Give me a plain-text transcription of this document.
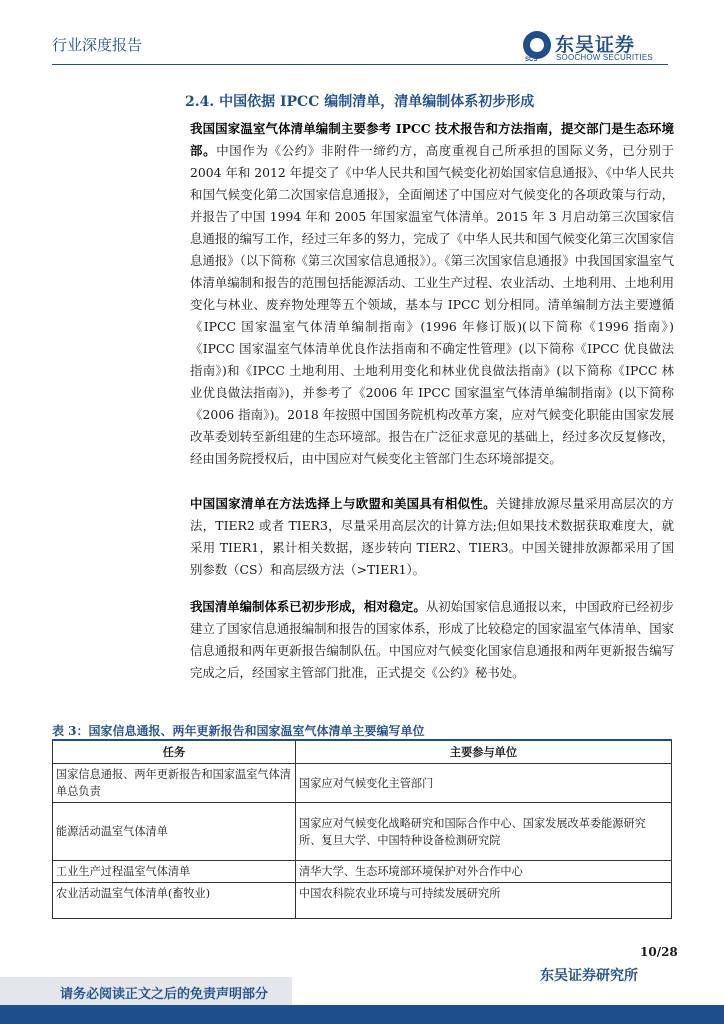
行业深度报告
SCS
东吴证券
SOOCHOW SECURITIES
2.4. 中国依据 IPCC 编制清单，清单编制体系初步形成

我国国家温室气体清单编制主要参考 IPCC 技术报告和方法指南，提交部门是生态环境部。中国作为《公约》非附件一缔约方，高度重视自己所承担的国际义务，已分别于 2004 年和 2012 年提交了《中华人民共和国气候变化初始国家信息通报》、《中华人民共和国气候变化第二次国家信息通报》，全面阐述了中国应对气候变化的各项政策与行动，并报告了中国 1994 年和 2005 年国家温室气体清单。2015 年 3 月启动第三次国家信息通报的编写工作，经过三年多的努力，完成了《中华人民共和国气候变化第三次国家信息通报》（以下简称《第三次国家信息通报》）。《第三次国家信息通报》中我国国家温室气体清单编制和报告的范围包括能源活动、工业生产过程、农业活动、土地利用、土地利用变化与林业、废弃物处理等五个领域，基本与 IPCC 划分相同。清单编制方法主要遵循《IPCC 国家温室气体清单编制指南》(1996 年修订版)(以下简称《1996 指南》)《IPCC 国家温室气体清单优良作法指南和不确定性管理》(以下简称《IPCC 优良做法指南》)和《IPCC 土地利用、土地利用变化和林业优良做法指南》(以下简称《IPCC 林业优良做法指南》)，并参考了《2006 年 IPCC 国家温室气体清单编制指南》(以下简称《2006 指南》)。2018 年按照中国国务院机构改革方案，应对气候变化职能由国家发展改革委划转至新组建的生态环境部。报告在广泛征求意见的基础上，经过多次反复修改，经由国务院授权后，由中国应对气候变化主管部门生态环境部提交。

中国国家清单在方法选择上与欧盟和美国具有相似性。关键排放源尽量采用高层次的方法，TIER2 或者 TIER3，尽量采用高层次的计算方法;但如果技术数据获取难度大，就采用 TIER1，累计相关数据，逐步转向 TIER2、TIER3。中国关键排放源都采用了国别参数（CS）和高层级方法（>TIER1）。

我国清单编制体系已初步形成，相对稳定。从初始国家信息通报以来，中国政府已经初步建立了国家信息通报编制和报告的国家体系，形成了比较稳定的国家温室气体清单、国家信息通报和两年更新报告编制队伍。中国应对气候变化国家信息通报和两年更新报告编写完成之后，经国家主管部门批准，正式提交《公约》秘书处。

表 3：国家信息通报、两年更新报告和国家温室气体清单主要编写单位
任务	主要参与单位
国家信息通报、两年更新报告和国家温室气体清单总负责	国家应对气候变化主管部门
能源活动温室气体清单	国家应对气候变化战略研究和国际合作中心、国家发展改革委能源研究所、复旦大学、中国特种设备检测研究院
工业生产过程温室气体清单	清华大学、生态环境部环境保护对外合作中心
农业活动温室气体清单(畜牧业)	中国农科院农业环境与可持续发展研究所
10/28
东吴证券研究所
请务必阅读正文之后的免责声明部分
